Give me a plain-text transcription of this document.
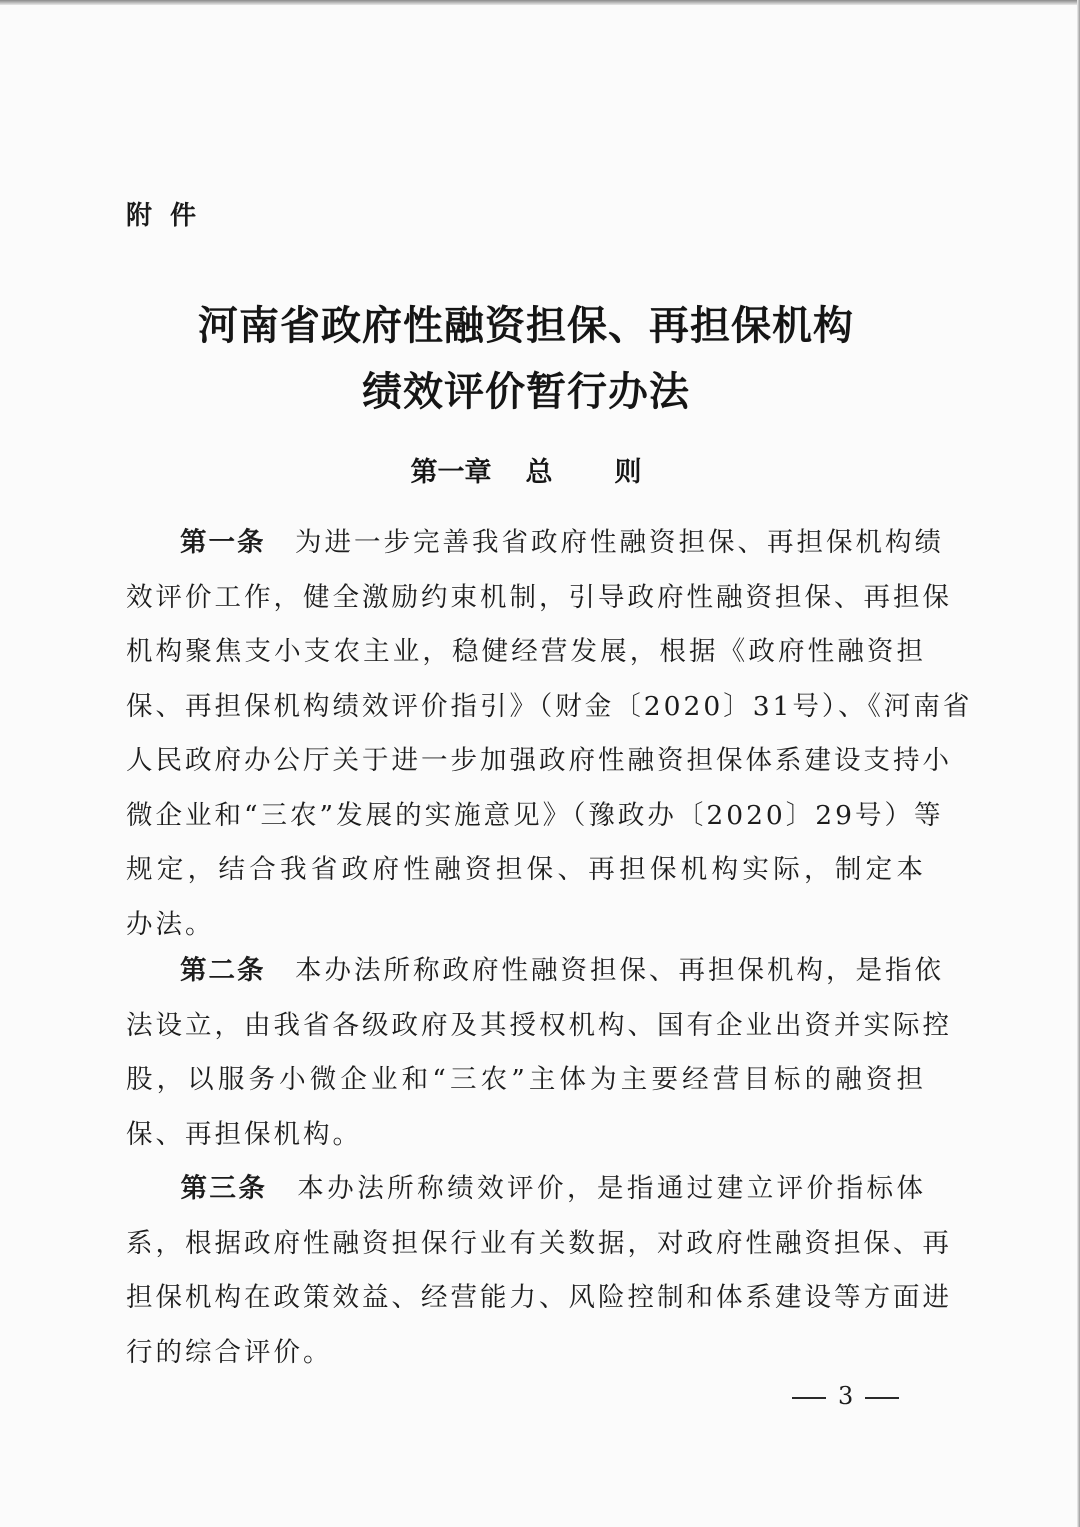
附件

河南省政府性融资担保、再担保机构
绩效评价暂行办法
第一章 总 则
第一条  为进一步完善我省政府性融资担保、再担保机构绩
效评价工作，健全激励约束机制，引导政府性融资担保、再担保
机构聚焦支小支农主业，稳健经营发展，根据《政府性融资担
保、再担保机构绩效评价指引》（财金〔2020〕31号）、《河南省
人民政府办公厅关于进一步加强政府性融资担保体系建设支持小
微企业和“三农”发展的实施意见》（豫政办〔2020〕29号）等
规定，结合我省政府性融资担保、再担保机构实际，制定本
办法。
第二条  本办法所称政府性融资担保、再担保机构，是指依
法设立，由我省各级政府及其授权机构、国有企业出资并实际控
股，以服务小微企业和“三农”主体为主要经营目标的融资担
保、再担保机构。
第三条  本办法所称绩效评价，是指通过建立评价指标体
系，根据政府性融资担保行业有关数据，对政府性融资担保、再
担保机构在政策效益、经营能力、风险控制和体系建设等方面进
行的综合评价。
3
